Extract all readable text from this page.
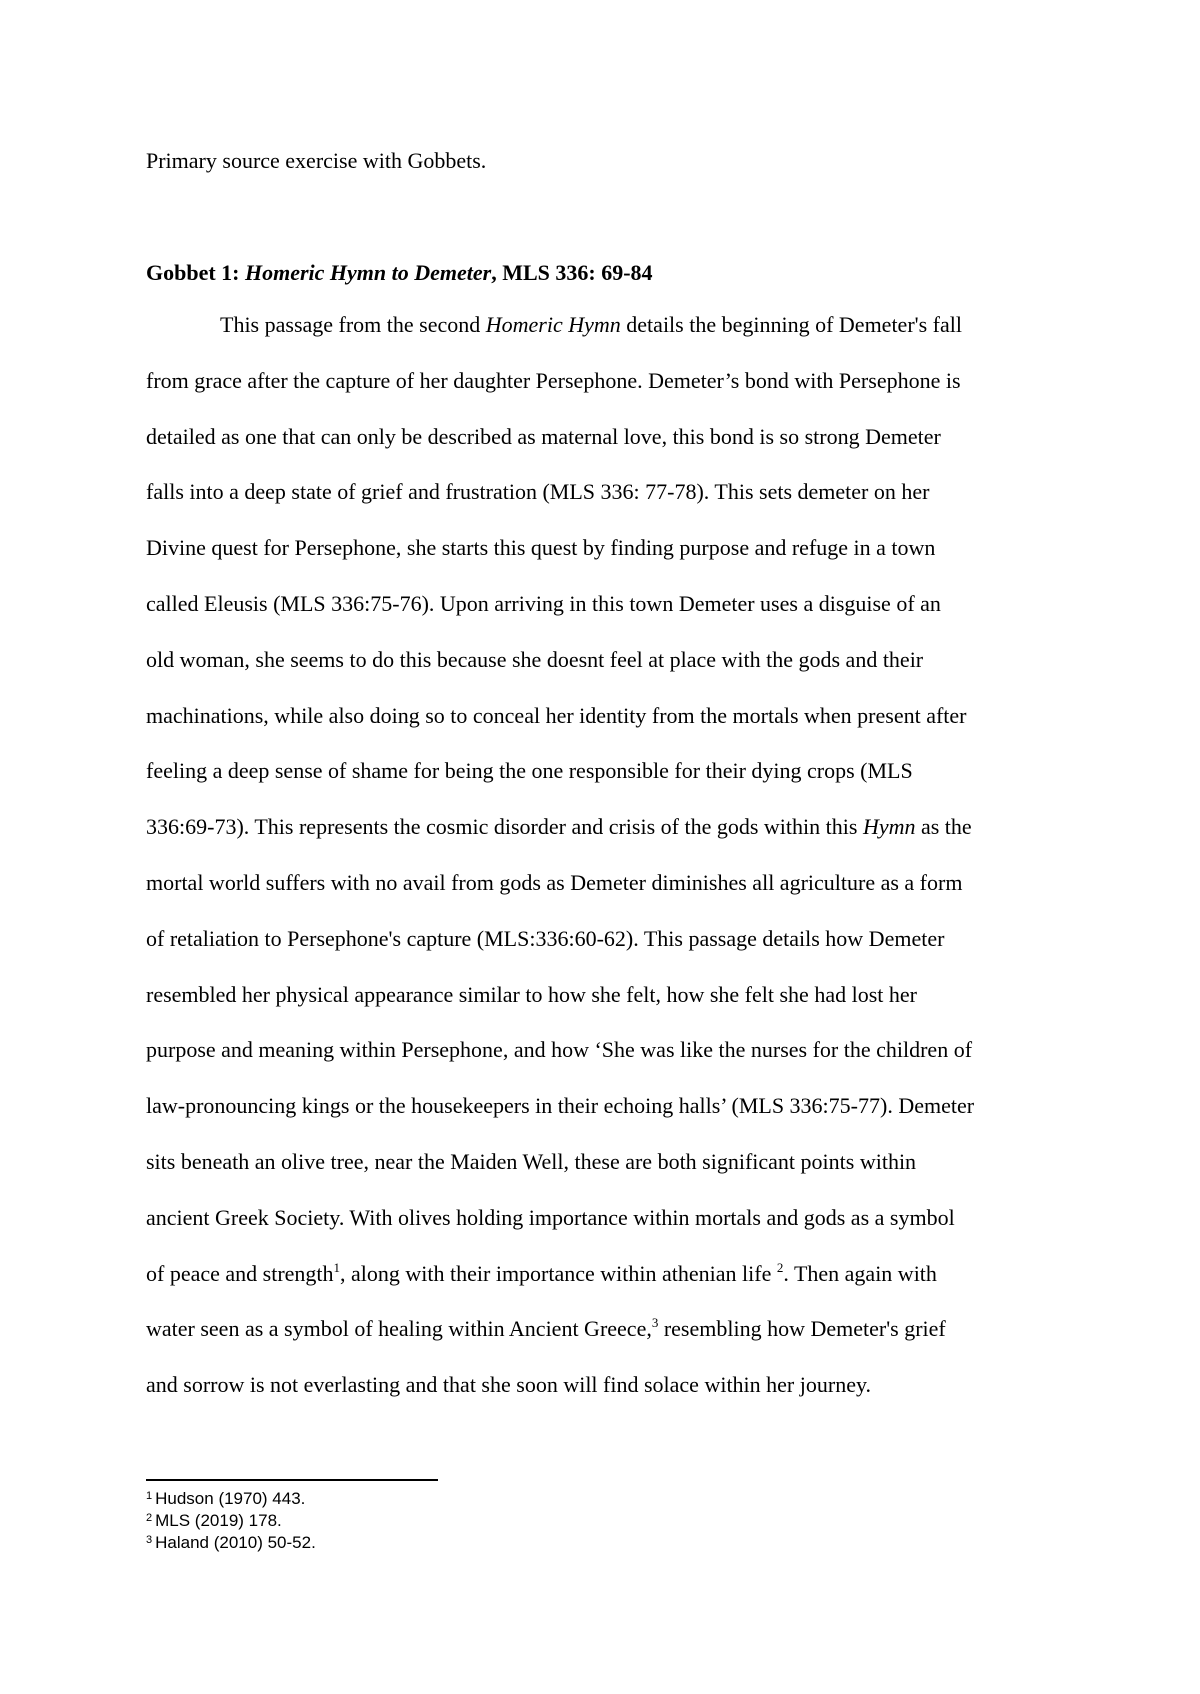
Primary source exercise with Gobbets.
Gobbet 1: Homeric Hymn to Demeter, MLS 336: 69-84
This passage from the second Homeric Hymn details the beginning of Demeter's fall
from grace after the capture of her daughter Persephone. Demeter’s bond with Persephone is
detailed as one that can only be described as maternal love, this bond is so strong Demeter
falls into a deep state of grief and frustration (MLS 336: 77-78). This sets demeter on her
Divine quest for Persephone, she starts this quest by finding purpose and refuge in a town
called Eleusis (MLS 336:75-76). Upon arriving in this town Demeter uses a disguise of an
old woman, she seems to do this because she doesnt feel at place with the gods and their
machinations, while also doing so to conceal her identity from the mortals when present after
feeling a deep sense of shame for being the one responsible for their dying crops (MLS
336:69-73). This represents the cosmic disorder and crisis of the gods within this Hymn as the
mortal world suffers with no avail from gods as Demeter diminishes all agriculture as a form
of retaliation to Persephone's capture (MLS:336:60-62). This passage details how Demeter
resembled her physical appearance similar to how she felt, how she felt she had lost her
purpose and meaning within Persephone, and how ‘She was like the nurses for the children of
law-pronouncing kings or the housekeepers in their echoing halls’ (MLS 336:75-77). Demeter
sits beneath an olive tree, near the Maiden Well, these are both significant points within
ancient Greek Society. With olives holding importance within mortals and gods as a symbol
of peace and strength$^1$, along with their importance within athenian life $^2$. Then again with
water seen as a symbol of healing within Ancient Greece,$^3$ resembling how Demeter's grief
and sorrow is not everlasting and that she soon will find solace within her journey.
$^1$ Hudson (1970) 443.
$^2$ MLS (2019) 178.
$^3$ Haland (2010) 50-52.
